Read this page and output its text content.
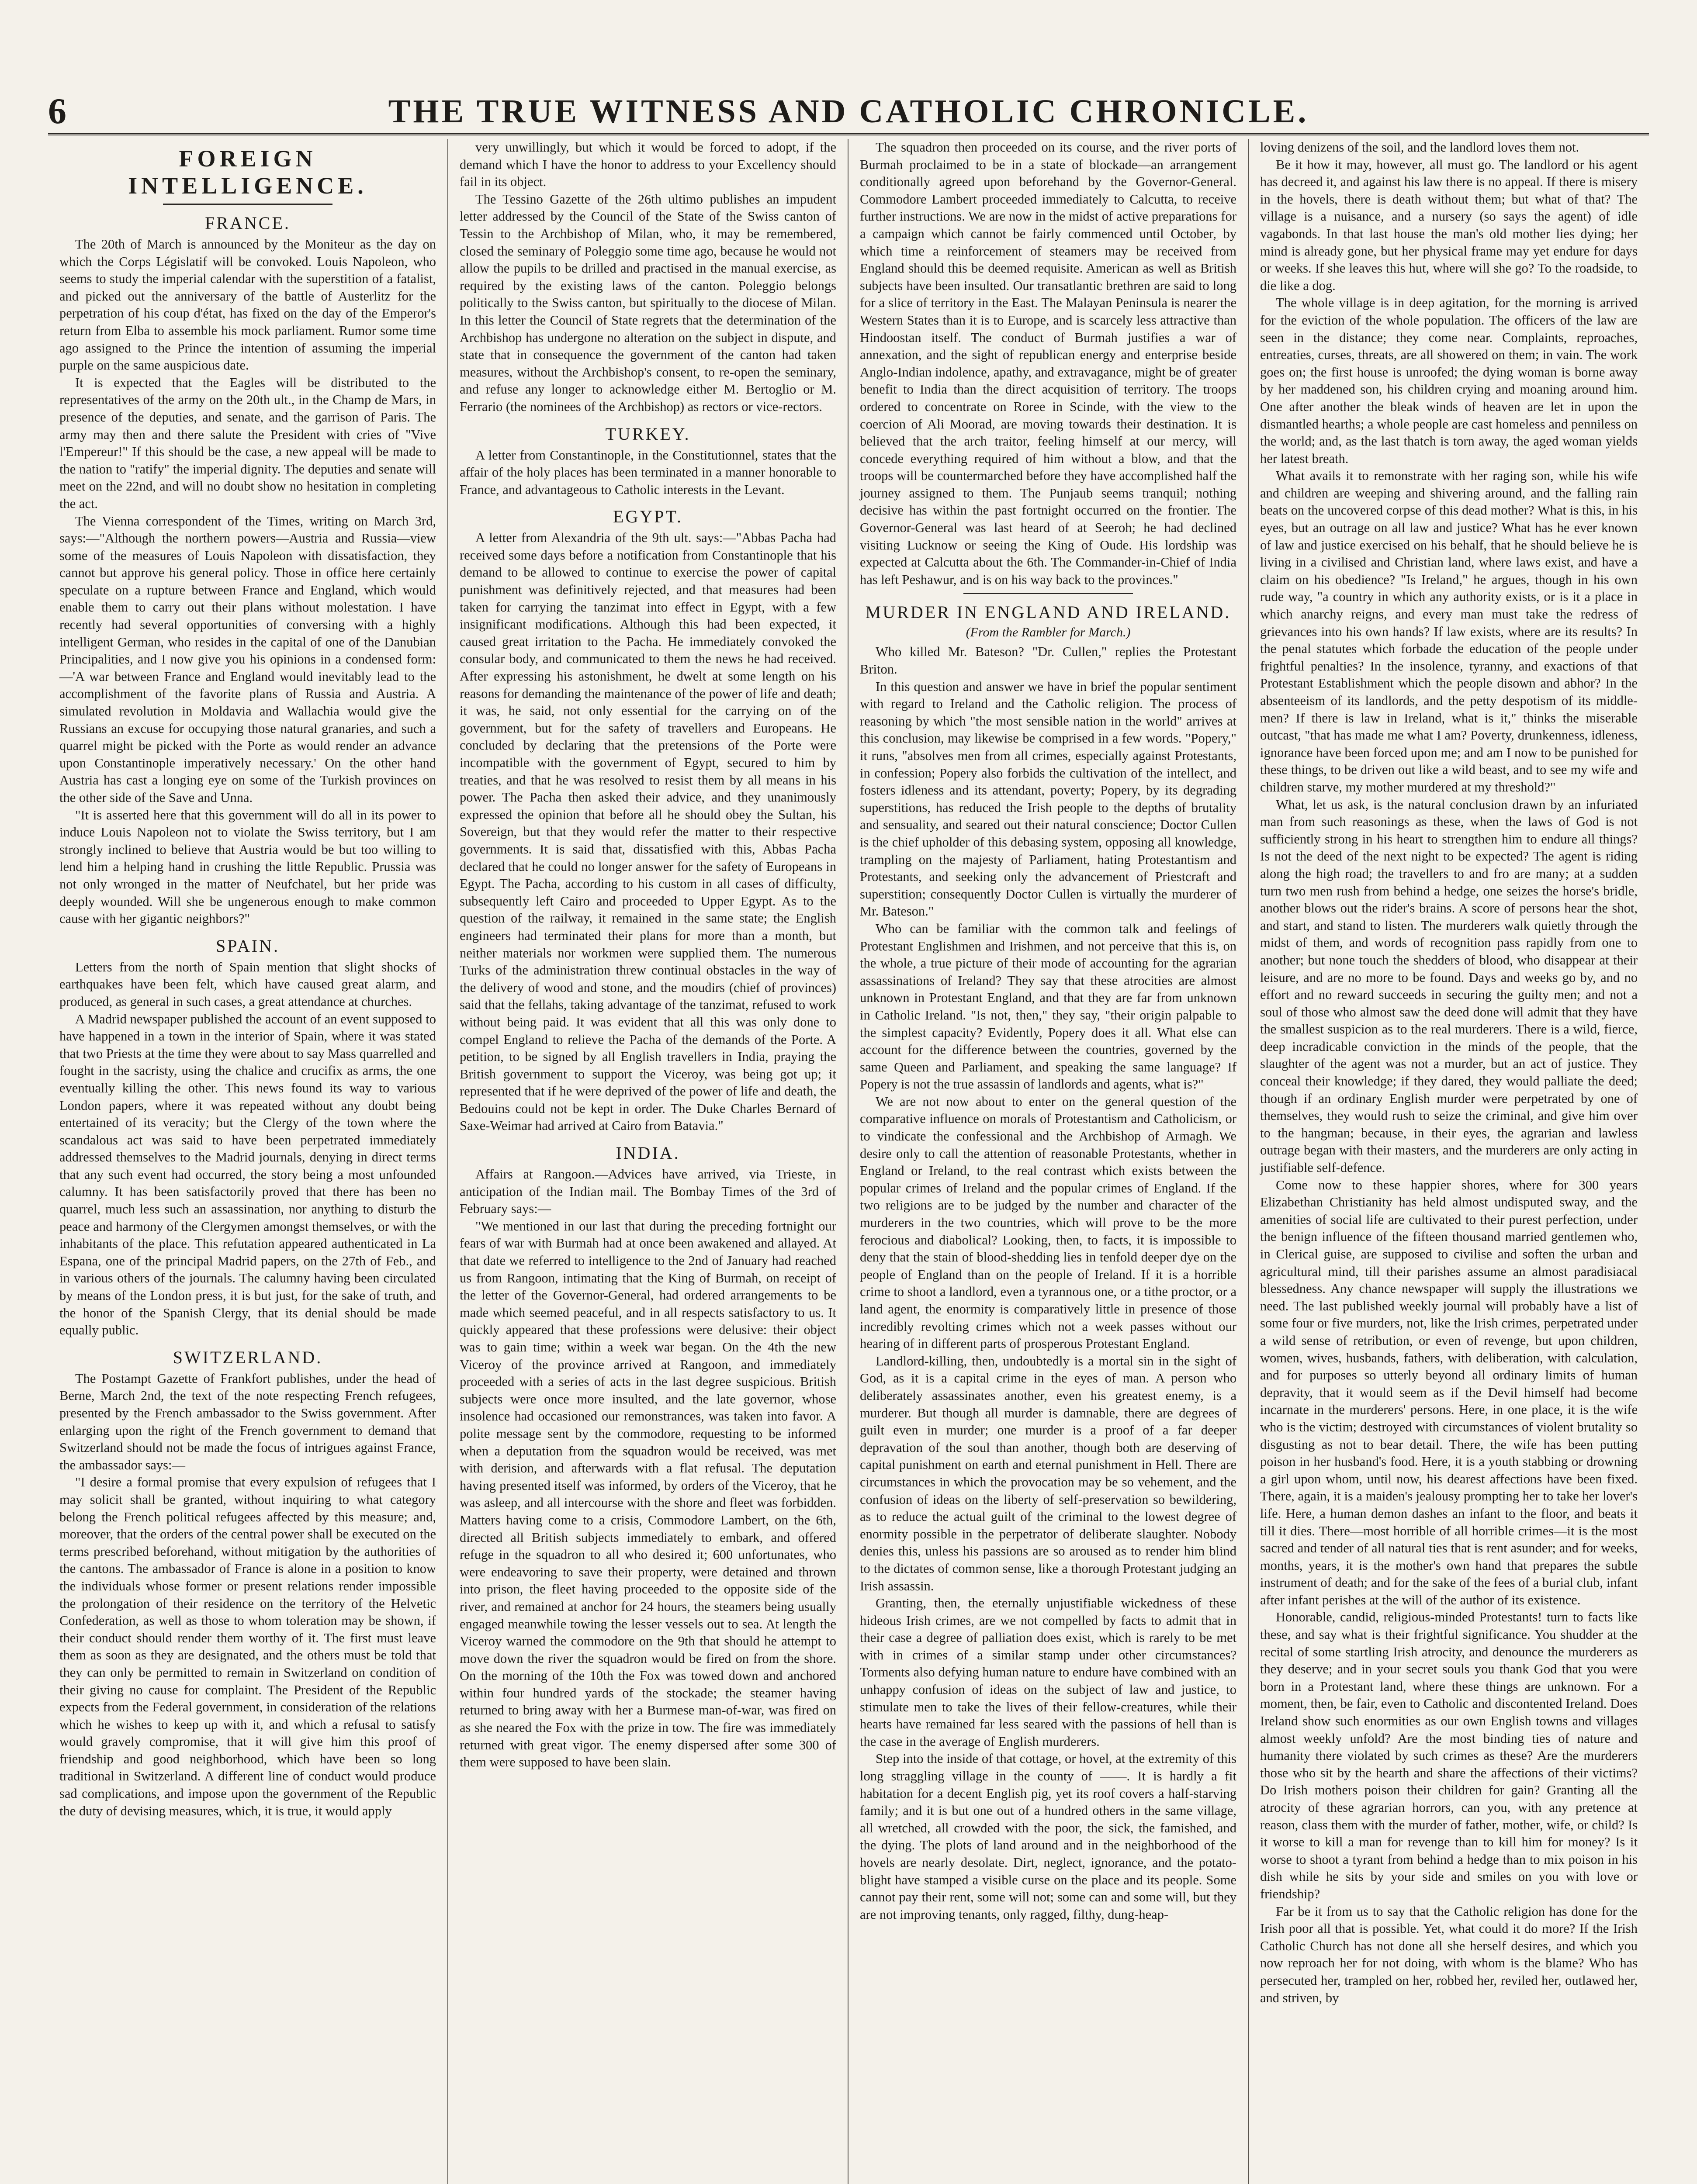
6	THE TRUE WITNESS AND CATHOLIC CHRONICLE.
FOREIGN INTELLIGENCE.
FRANCE.

The 20th of March is announced by the Moniteur as the day on which the Corps Législatif will be convoked. Louis Napoleon, who seems to study the imperial calendar with the superstition of a fatalist, and picked out the anniversary of the battle of Austerlitz for the perpetration of his coup d'état, has fixed on the day of the Emperor's return from Elba to assemble his mock parliament. Rumor some time ago assigned to the Prince the intention of assuming the imperial purple on the same auspicious date.

It is expected that the Eagles will be distributed to the representatives of the army on the 20th ult., in the Champ de Mars, in presence of the deputies, and senate, and the garrison of Paris. The army may then and there salute the President with cries of "Vive l'Empereur!" If this should be the case, a new appeal will be made to the nation to "ratify" the imperial dignity. The deputies and senate will meet on the 22nd, and will no doubt show no hesitation in completing the act.

The Vienna correspondent of the Times, writing on March 3rd, says:—"Although the northern powers—Austria and Russia—view some of the measures of Louis Napoleon with dissatisfaction, they cannot but approve his general policy. Those in office here certainly speculate on a rupture between France and England, which would enable them to carry out their plans without molestation. I have recently had several opportunities of conversing with a highly intelligent German, who resides in the capital of one of the Danubian Principalities, and I now give you his opinions in a condensed form:—'A war between France and England would inevitably lead to the accomplishment of the favorite plans of Russia and Austria. A simulated revolution in Moldavia and Wallachia would give the Russians an excuse for occupying those natural granaries, and such a quarrel might be picked with the Porte as would render an advance upon Constantinople imperatively necessary.' On the other hand Austria has cast a longing eye on some of the Turkish provinces on the other side of the Save and Unna.

"It is asserted here that this government will do all in its power to induce Louis Napoleon not to violate the Swiss territory, but I am strongly inclined to believe that Austria would be but too willing to lend him a helping hand in crushing the little Republic. Prussia was not only wronged in the matter of Neufchatel, but her pride was deeply wounded. Will she be ungenerous enough to make common cause with her gigantic neighbors?"

SPAIN.

Letters from the north of Spain mention that slight shocks of earthquakes have been felt, which have caused great alarm, and produced, as general in such cases, a great attendance at churches.

A Madrid newspaper published the account of an event supposed to have happened in a town in the interior of Spain, where it was stated that two Priests at the time they were about to say Mass quarrelled and fought in the sacristy, using the chalice and crucifix as arms, the one eventually killing the other. This news found its way to various London papers, where it was repeated without any doubt being entertained of its veracity; but the Clergy of the town where the scandalous act was said to have been perpetrated immediately addressed themselves to the Madrid journals, denying in direct terms that any such event had occurred, the story being a most unfounded calumny. It has been satisfactorily proved that there has been no quarrel, much less such an assassination, nor anything to disturb the peace and harmony of the Clergymen amongst themselves, or with the inhabitants of the place. This refutation appeared authenticated in La Espana, one of the principal Madrid papers, on the 27th of Feb., and in various others of the journals. The calumny having been circulated by means of the London press, it is but just, for the sake of truth, and the honor of the Spanish Clergy, that its denial should be made equally public.

SWITZERLAND.

The Postampt Gazette of Frankfort publishes, under the head of Berne, March 2nd, the text of the note respecting French refugees, presented by the French ambassador to the Swiss government. After enlarging upon the right of the French government to demand that Switzerland should not be made the focus of intrigues against France, the ambassador says:—

"I desire a formal promise that every expulsion of refugees that I may solicit shall be granted, without inquiring to what category belong the French political refugees affected by this measure; and, moreover, that the orders of the central power shall be executed on the terms prescribed beforehand, without mitigation by the authorities of the cantons. The ambassador of France is alone in a position to know the individuals whose former or present relations render impossible the prolongation of their residence on the territory of the Helvetic Confederation, as well as those to whom toleration may be shown, if their conduct should render them worthy of it. The first must leave them as soon as they are designated, and the others must be told that they can only be permitted to remain in Switzerland on condition of their giving no cause for complaint. The President of the Republic expects from the Federal government, in consideration of the relations which he wishes to keep up with it, and which a refusal to satisfy would gravely compromise, that it will give him this proof of friendship and good neighborhood, which have been so long traditional in Switzerland. A different line of conduct would produce sad complications, and impose upon the government of the Republic the duty of devising measures, which, it is true, it would apply

very unwillingly, but which it would be forced to adopt, if the demand which I have the honor to address to your Excellency should fail in its object.

The Tessino Gazette of the 26th ultimo publishes an impudent letter addressed by the Council of the State of the Swiss canton of Tessin to the Archbishop of Milan, who, it may be remembered, closed the seminary of Poleggio some time ago, because he would not allow the pupils to be drilled and practised in the manual exercise, as required by the existing laws of the canton. Poleggio belongs politically to the Swiss canton, but spiritually to the diocese of Milan. In this letter the Council of State regrets that the determination of the Archbishop has undergone no alteration on the subject in dispute, and state that in consequence the government of the canton had taken measures, without the Archbishop's consent, to re-open the seminary, and refuse any longer to acknowledge either M. Bertoglio or M. Ferrario (the nominees of the Archbishop) as rectors or vice-rectors.

TURKEY.

A letter from Constantinople, in the Constitutionnel, states that the affair of the holy places has been terminated in a manner honorable to France, and advantageous to Catholic interests in the Levant.

EGYPT.

A letter from Alexandria of the 9th ult. says:—"Abbas Pacha had received some days before a notification from Constantinople that his demand to be allowed to continue to exercise the power of capital punishment was definitively rejected, and that measures had been taken for carrying the tanzimat into effect in Egypt, with a few insignificant modifications. Although this had been expected, it caused great irritation to the Pacha. He immediately convoked the consular body, and communicated to them the news he had received. After expressing his astonishment, he dwelt at some length on his reasons for demanding the maintenance of the power of life and death; it was, he said, not only essential for the carrying on of the government, but for the safety of travellers and Europeans. He concluded by declaring that the pretensions of the Porte were incompatible with the government of Egypt, secured to him by treaties, and that he was resolved to resist them by all means in his power. The Pacha then asked their advice, and they unanimously expressed the opinion that before all he should obey the Sultan, his Sovereign, but that they would refer the matter to their respective governments. It is said that, dissatisfied with this, Abbas Pacha declared that he could no longer answer for the safety of Europeans in Egypt. The Pacha, according to his custom in all cases of difficulty, subsequently left Cairo and proceeded to Upper Egypt. As to the question of the railway, it remained in the same state; the English engineers had terminated their plans for more than a month, but neither materials nor workmen were supplied them. The numerous Turks of the administration threw continual obstacles in the way of the delivery of wood and stone, and the moudirs (chief of provinces) said that the fellahs, taking advantage of the tanzimat, refused to work without being paid. It was evident that all this was only done to compel England to relieve the Pacha of the demands of the Porte. A petition, to be signed by all English travellers in India, praying the British government to support the Viceroy, was being got up; it represented that if he were deprived of the power of life and death, the Bedouins could not be kept in order. The Duke Charles Bernard of Saxe-Weimar had arrived at Cairo from Batavia."

INDIA.

Affairs at Rangoon.—Advices have arrived, via Trieste, in anticipation of the Indian mail. The Bombay Times of the 3rd of February says:—

"We mentioned in our last that during the preceding fortnight our fears of war with Burmah had at once been awakened and allayed. At that date we referred to intelligence to the 2nd of January had reached us from Rangoon, intimating that the King of Burmah, on receipt of the letter of the Governor-General, had ordered arrangements to be made which seemed peaceful, and in all respects satisfactory to us. It quickly appeared that these professions were delusive: their object was to gain time; within a week war began. On the 4th the new Viceroy of the province arrived at Rangoon, and immediately proceeded with a series of acts in the last degree suspicious. British subjects were once more insulted, and the late governor, whose insolence had occasioned our remonstrances, was taken into favor. A polite message sent by the commodore, requesting to be informed when a deputation from the squadron would be received, was met with derision, and afterwards with a flat refusal. The deputation having presented itself was informed, by orders of the Viceroy, that he was asleep, and all intercourse with the shore and fleet was forbidden. Matters having come to a crisis, Commodore Lambert, on the 6th, directed all British subjects immediately to embark, and offered refuge in the squadron to all who desired it; 600 unfortunates, who were endeavoring to save their property, were detained and thrown into prison, the fleet having proceeded to the opposite side of the river, and remained at anchor for 24 hours, the steamers being usually engaged meanwhile towing the lesser vessels out to sea. At length the Viceroy warned the commodore on the 9th that should he attempt to move down the river the squadron would be fired on from the shore. On the morning of the 10th the Fox was towed down and anchored within four hundred yards of the stockade; the steamer having returned to bring away with her a Burmese man-of-war, was fired on as she neared the Fox with the prize in tow. The fire was immediately returned with great vigor. The enemy dispersed after some 300 of them were supposed to have been slain.

The squadron then proceeded on its course, and the river ports of Burmah proclaimed to be in a state of blockade—an arrangement conditionally agreed upon beforehand by the Governor-General. Commodore Lambert proceeded immediately to Calcutta, to receive further instructions. We are now in the midst of active preparations for a campaign which cannot be fairly commenced until October, by which time a reinforcement of steamers may be received from England should this be deemed requisite. American as well as British subjects have been insulted. Our transatlantic brethren are said to long for a slice of territory in the East. The Malayan Peninsula is nearer the Western States than it is to Europe, and is scarcely less attractive than Hindoostan itself. The conduct of Burmah justifies a war of annexation, and the sight of republican energy and enterprise beside Anglo-Indian indolence, apathy, and extravagance, might be of greater benefit to India than the direct acquisition of territory. The troops ordered to concentrate on Roree in Scinde, with the view to the coercion of Ali Moorad, are moving towards their destination. It is believed that the arch traitor, feeling himself at our mercy, will concede everything required of him without a blow, and that the troops will be countermarched before they have accomplished half the journey assigned to them. The Punjaub seems tranquil; nothing decisive has within the past fortnight occurred on the frontier. The Governor-General was last heard of at Seeroh; he had declined visiting Lucknow or seeing the King of Oude. His lordship was expected at Calcutta about the 6th. The Commander-in-Chief of India has left Peshawur, and is on his way back to the provinces."

MURDER IN ENGLAND AND IRELAND.
(From the Rambler for March.)

Who killed Mr. Bateson? "Dr. Cullen," replies the Protestant Briton.

In this question and answer we have in brief the popular sentiment with regard to Ireland and the Catholic religion. The process of reasoning by which "the most sensible nation in the world" arrives at this conclusion, may likewise be comprised in a few words. "Popery," it runs, "absolves men from all crimes, especially against Protestants, in confession; Popery also forbids the cultivation of the intellect, and fosters idleness and its attendant, poverty; Popery, by its degrading superstitions, has reduced the Irish people to the depths of brutality and sensuality, and seared out their natural conscience; Doctor Cullen is the chief upholder of this debasing system, opposing all knowledge, trampling on the majesty of Parliament, hating Protestantism and Protestants, and seeking only the advancement of Priestcraft and superstition; consequently Doctor Cullen is virtually the murderer of Mr. Bateson."

Who can be familiar with the common talk and feelings of Protestant Englishmen and Irishmen, and not perceive that this is, on the whole, a true picture of their mode of accounting for the agrarian assassinations of Ireland? They say that these atrocities are almost unknown in Protestant England, and that they are far from unknown in Catholic Ireland. "Is not, then," they say, "their origin palpable to the simplest capacity? Evidently, Popery does it all. What else can account for the difference between the countries, governed by the same Queen and Parliament, and speaking the same language? If Popery is not the true assassin of landlords and agents, what is?"

We are not now about to enter on the general question of the comparative influence on morals of Protestantism and Catholicism, or to vindicate the confessional and the Archbishop of Armagh. We desire only to call the attention of reasonable Protestants, whether in England or Ireland, to the real contrast which exists between the popular crimes of Ireland and the popular crimes of England. If the two religions are to be judged by the number and character of the murderers in the two countries, which will prove to be the more ferocious and diabolical? Looking, then, to facts, it is impossible to deny that the stain of blood-shedding lies in tenfold deeper dye on the people of England than on the people of Ireland. If it is a horrible crime to shoot a landlord, even a tyrannous one, or a tithe proctor, or a land agent, the enormity is comparatively little in presence of those incredibly revolting crimes which not a week passes without our hearing of in different parts of prosperous Protestant England.

Landlord-killing, then, undoubtedly is a mortal sin in the sight of God, as it is a capital crime in the eyes of man. A person who deliberately assassinates another, even his greatest enemy, is a murderer. But though all murder is damnable, there are degrees of guilt even in murder; one murder is a proof of a far deeper depravation of the soul than another, though both are deserving of capital punishment on earth and eternal punishment in Hell. There are circumstances in which the provocation may be so vehement, and the confusion of ideas on the liberty of self-preservation so bewildering, as to reduce the actual guilt of the criminal to the lowest degree of enormity possible in the perpetrator of deliberate slaughter. Nobody denies this, unless his passions are so aroused as to render him blind to the dictates of common sense, like a thorough Protestant judging an Irish assassin.

Granting, then, the eternally unjustifiable wickedness of these hideous Irish crimes, are we not compelled by facts to admit that in their case a degree of palliation does exist, which is rarely to be met with in crimes of a similar stamp under other circumstances? Torments also defying human nature to endure have combined with an unhappy confusion of ideas on the subject of law and justice, to stimulate men to take the lives of their fellow-creatures, while their hearts have remained far less seared with the passions of hell than is the case in the average of English murderers.

Step into the inside of that cottage, or hovel, at the extremity of this long straggling village in the county of ——. It is hardly a fit habitation for a decent English pig, yet its roof covers a half-starving family; and it is but one out of a hundred others in the same village, all wretched, all crowded with the poor, the sick, the famished, and the dying. The plots of land around and in the neighborhood of the hovels are nearly desolate. Dirt, neglect, ignorance, and the potato-blight have stamped a visible curse on the place and its people. Some cannot pay their rent, some will not; some can and some will, but they are not improving tenants, only ragged, filthy, dung-heap-

loving denizens of the soil, and the landlord loves them not.

Be it how it may, however, all must go. The landlord or his agent has decreed it, and against his law there is no appeal. If there is misery in the hovels, there is death without them; but what of that? The village is a nuisance, and a nursery (so says the agent) of idle vagabonds. In that last house the man's old mother lies dying; her mind is already gone, but her physical frame may yet endure for days or weeks. If she leaves this hut, where will she go? To the roadside, to die like a dog.

The whole village is in deep agitation, for the morning is arrived for the eviction of the whole population. The officers of the law are seen in the distance; they come near. Complaints, reproaches, entreaties, curses, threats, are all showered on them; in vain. The work goes on; the first house is unroofed; the dying woman is borne away by her maddened son, his children crying and moaning around him. One after another the bleak winds of heaven are let in upon the dismantled hearths; a whole people are cast homeless and penniless on the world; and, as the last thatch is torn away, the aged woman yields her latest breath.

What avails it to remonstrate with her raging son, while his wife and children are weeping and shivering around, and the falling rain beats on the uncovered corpse of this dead mother? What is this, in his eyes, but an outrage on all law and justice? What has he ever known of law and justice exercised on his behalf, that he should believe he is living in a civilised and Christian land, where laws exist, and have a claim on his obedience? "Is Ireland," he argues, though in his own rude way, "a country in which any authority exists, or is it a place in which anarchy reigns, and every man must take the redress of grievances into his own hands? If law exists, where are its results? In the penal statutes which forbade the education of the people under frightful penalties? In the insolence, tyranny, and exactions of that Protestant Establishment which the people disown and abhor? In the absenteeism of its landlords, and the petty despotism of its middle-men? If there is law in Ireland, what is it," thinks the miserable outcast, "that has made me what I am? Poverty, drunkenness, idleness, ignorance have been forced upon me; and am I now to be punished for these things, to be driven out like a wild beast, and to see my wife and children starve, my mother murdered at my threshold?"

What, let us ask, is the natural conclusion drawn by an infuriated man from such reasonings as these, when the laws of God is not sufficiently strong in his heart to strengthen him to endure all things? Is not the deed of the next night to be expected? The agent is riding along the high road; the travellers to and fro are many; at a sudden turn two men rush from behind a hedge, one seizes the horse's bridle, another blows out the rider's brains. A score of persons hear the shot, and start, and stand to listen. The murderers walk quietly through the midst of them, and words of recognition pass rapidly from one to another; but none touch the shedders of blood, who disappear at their leisure, and are no more to be found. Days and weeks go by, and no effort and no reward succeeds in securing the guilty men; and not a soul of those who almost saw the deed done will admit that they have the smallest suspicion as to the real murderers. There is a wild, fierce, deep incradicable conviction in the minds of the people, that the slaughter of the agent was not a murder, but an act of justice. They conceal their knowledge; if they dared, they would palliate the deed; though if an ordinary English murder were perpetrated by one of themselves, they would rush to seize the criminal, and give him over to the hangman; because, in their eyes, the agrarian and lawless outrage began with their masters, and the murderers are only acting in justifiable self-defence.

Come now to these happier shores, where for 300 years Elizabethan Christianity has held almost undisputed sway, and the amenities of social life are cultivated to their purest perfection, under the benign influence of the fifteen thousand married gentlemen who, in Clerical guise, are supposed to civilise and soften the urban and agricultural mind, till their parishes assume an almost paradisiacal blessedness. Any chance newspaper will supply the illustrations we need. The last published weekly journal will probably have a list of some four or five murders, not, like the Irish crimes, perpetrated under a wild sense of retribution, or even of revenge, but upon children, women, wives, husbands, fathers, with deliberation, with calculation, and for purposes so utterly beyond all ordinary limits of human depravity, that it would seem as if the Devil himself had become incarnate in the murderers' persons. Here, in one place, it is the wife who is the victim; destroyed with circumstances of violent brutality so disgusting as not to bear detail. There, the wife has been putting poison in her husband's food. Here, it is a youth stabbing or drowning a girl upon whom, until now, his dearest affections have been fixed. There, again, it is a maiden's jealousy prompting her to take her lover's life. Here, a human demon dashes an infant to the floor, and beats it till it dies. There—most horrible of all horrible crimes—it is the most sacred and tender of all natural ties that is rent asunder; and for weeks, months, years, it is the mother's own hand that prepares the subtle instrument of death; and for the sake of the fees of a burial club, infant after infant perishes at the will of the author of its existence.

Honorable, candid, religious-minded Protestants! turn to facts like these, and say what is their frightful significance. You shudder at the recital of some startling Irish atrocity, and denounce the murderers as they deserve; and in your secret souls you thank God that you were born in a Protestant land, where these things are unknown. For a moment, then, be fair, even to Catholic and discontented Ireland. Does Ireland show such enormities as our own English towns and villages almost weekly unfold? Are the most binding ties of nature and humanity there violated by such crimes as these? Are the murderers those who sit by the hearth and share the affections of their victims? Do Irish mothers poison their children for gain? Granting all the atrocity of these agrarian horrors, can you, with any pretence at reason, class them with the murder of father, mother, wife, or child? Is it worse to kill a man for revenge than to kill him for money? Is it worse to shoot a tyrant from behind a hedge than to mix poison in his dish while he sits by your side and smiles on you with love or friendship?

Far be it from us to say that the Catholic religion has done for the Irish poor all that is possible. Yet, what could it do more? If the Irish Catholic Church has not done all she herself desires, and which you now reproach her for not doing, with whom is the blame? Who has persecuted her, trampled on her, robbed her, reviled her, outlawed her, and striven, by
